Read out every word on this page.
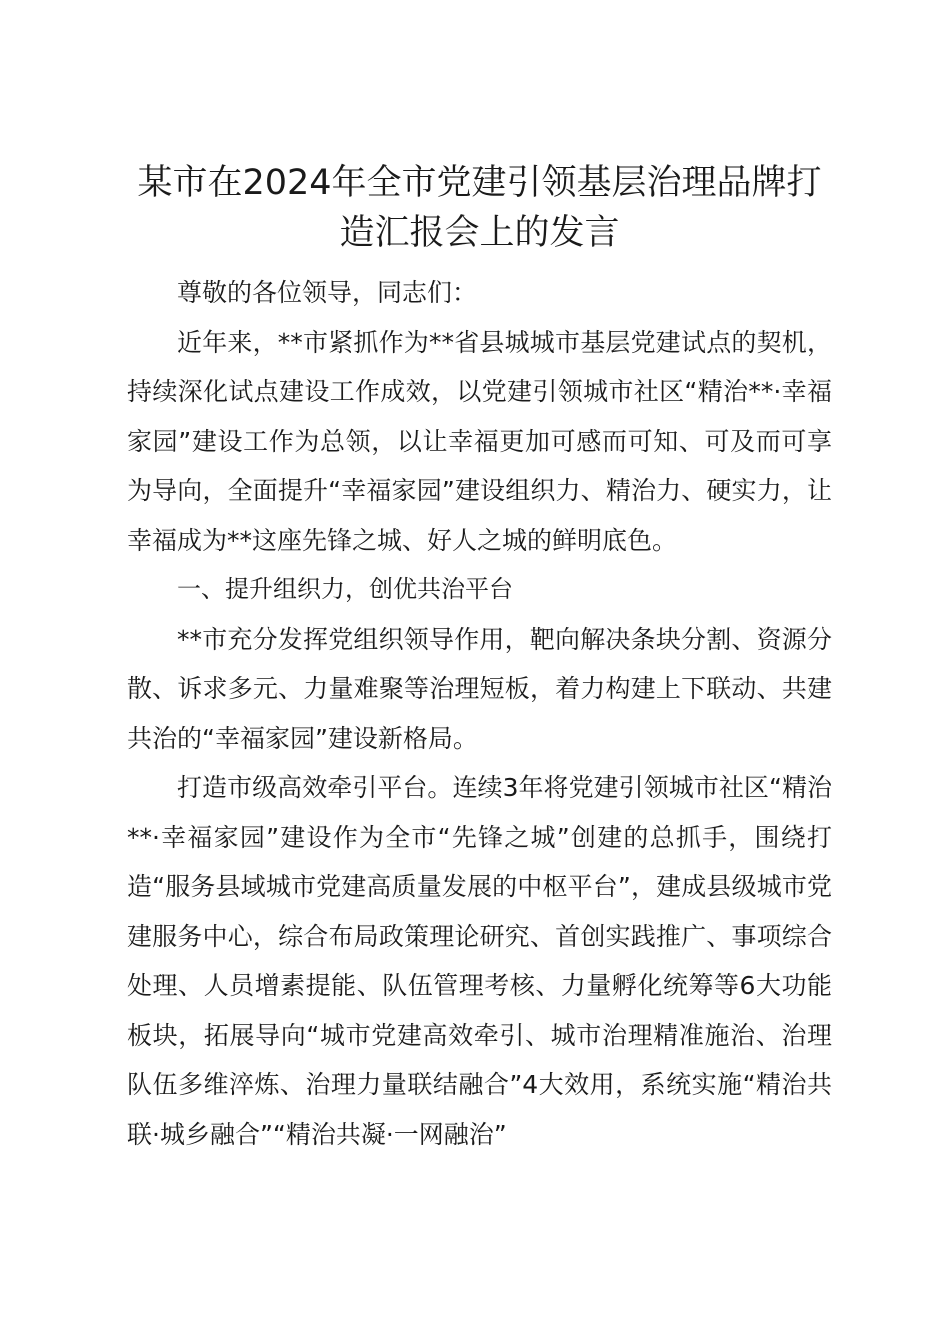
某市在2024年全市党建引领基层治理品牌打造汇报会上的发言

尊敬的各位领导，同志们：

近年来，**市紧抓作为**省县城城市基层党建试点的契机，持续深化试点建设工作成效，以党建引领城市社区“精治**·幸福家园”建设工作为总领，以让幸福更加可感而可知、可及而可享为导向，全面提升“幸福家园”建设组织力、精治力、硬实力，让幸福成为**这座先锋之城、好人之城的鲜明底色。

一、提升组织力，创优共治平台

**市充分发挥党组织领导作用，靶向解决条块分割、资源分散、诉求多元、力量难聚等治理短板，着力构建上下联动、共建共治的“幸福家园”建设新格局。

打造市级高效牵引平台。连续3年将党建引领城市社区“精治**·幸福家园”建设作为全市“先锋之城”创建的总抓手，围绕打造“服务县域城市党建高质量发展的中枢平台”，建成县级城市党建服务中心，综合布局政策理论研究、首创实践推广、事项综合处理、人员增素提能、队伍管理考核、力量孵化统筹等6大功能板块，拓展导向“城市党建高效牵引、城市治理精准施治、治理队伍多维淬炼、治理力量联结融合”4大效用，系统实施“精治共联·城乡融合”“精治共凝·一网融治”
